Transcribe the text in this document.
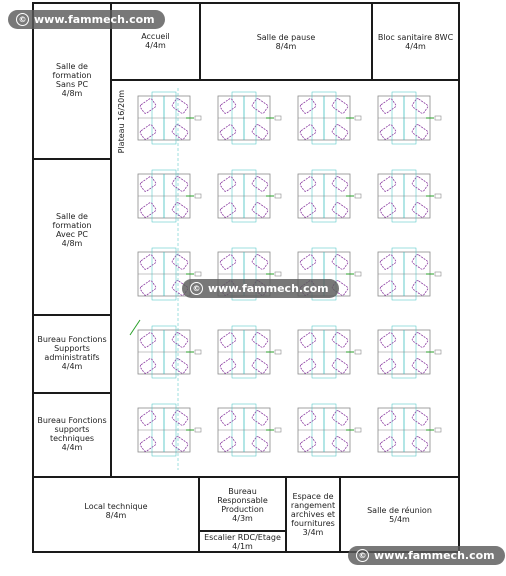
Accueil
4/4m
Salle de pause
8/4m
Bloc sanitaire 8WC
4/4m
Salle de
formation
Sans PC
4/8m
Salle de
formation
Avec PC
4/8m
Bureau Fonctions
Supports
administratifs
4/4m
Bureau Fonctions
supports
techniques
4/4m
Local technique
8/4m
Bureau
Responsable
Production
4/3m
Escalier RDC/Etage
4/1m
Espace de
rangement
archives et
fournitures
3/4m
Salle de réunion
5/4m
Plateau 16/20m
© www.fammech.com
© www.fammech.com
© www.fammech.com
